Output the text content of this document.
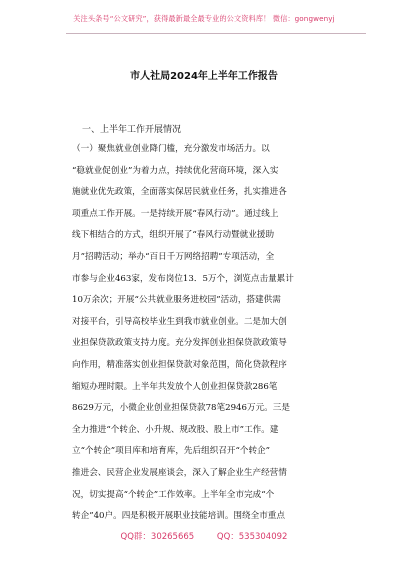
关注头条号“公文研究”，获得最新最全最专业的公文资料库！ 微信：gongwenyj
市人社局2024年上半年工作报告
一、上半年工作开展情况
（一）聚焦就业创业降门槛，充分激发市场活力。以
“稳就业促创业”为着力点，持续优化营商环境，深入实
施就业优先政策，全面落实保居民就业任务，扎实推进各
项重点工作开展。一是持续开展“春风行动”。通过线上
线下相结合的方式，组织开展了“春风行动暨就业援助
月”招聘活动；举办“百日千万网络招聘”专项活动，全
市参与企业463家，发布岗位13．5万个，浏览点击量累计
10万余次；开展“公共就业服务进校园”活动，搭建供需
对接平台，引导高校毕业生到我市就业创业。二是加大创
业担保贷款政策支持力度。充分发挥创业担保贷款政策导
向作用，精准落实创业担保贷款对象范围，简化贷款程序
缩短办理时限。上半年共发放个人创业担保贷款286笔
8629万元，小微企业创业担保贷款78笔2946万元。三是
全力推进“个转企、小升规、规改股、股上市”工作。建
立“个转企”项目库和培育库，先后组织召开“个转企”
推进会、民营企业发展座谈会，深入了解企业生产经营情
况，切实提高“个转企”工作效率。上半年全市完成“个
转企”40户。四是积极开展职业技能培训。围绕全市重点
QQ群：30265665	QQ：535304092
